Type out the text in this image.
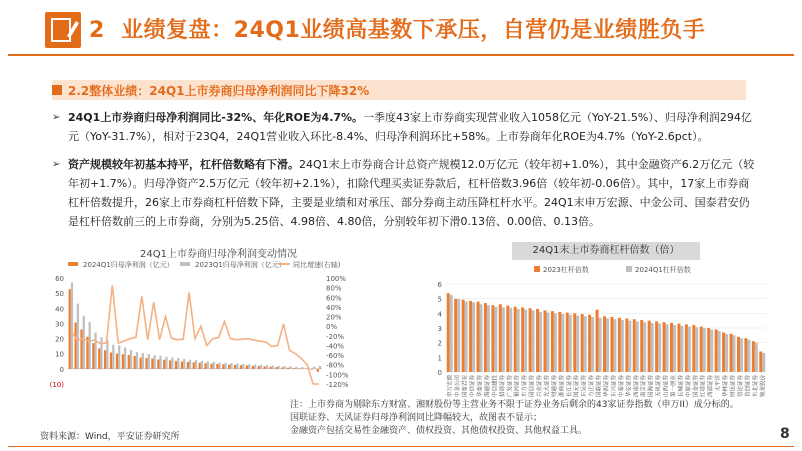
2 业绩复盘：24Q1业绩高基数下承压，自营仍是业绩胜负手
2.2整体业绩：24Q1上市券商归母净利润同比下降32%
➢ 24Q1上市券商归母净利润同比-32%、年化ROE为4.7%。一季度43家上市券商实现营业收入1058亿元（YoY-21.5%）、归母净利润294亿元（YoY-31.7%），相对于23Q4，24Q1营业收入环比-8.4%、归母净利润环比+58%。上市券商年化ROE为4.7%（YoY-2.6pct）。
➢ 资产规模较年初基本持平，杠杆倍数略有下滑。24Q1末上市券商合计总资产规模12.0万亿元（较年初+1.0%），其中金融资产6.2万亿元（较年初+1.7%）。归母净资产2.5万亿元（较年初+2.1%），扣除代理买卖证券款后，杠杆倍数3.96倍（较年初-0.06倍）。其中，17家上市券商杠杆倍数提升，26家上市券商杠杆倍数下降，主要是业绩和对承压、部分券商主动压降杠杆水平。24Q1末申万宏源、中金公司、国泰君安仍是杠杆倍数前三的上市券商，分别为5.25倍、4.98倍、4.80倍，分别较年初下滑0.13倍、0.00倍、0.13倍。
24Q1上市券商归母净利润变动情况	24Q1末上市券商杠杆倍数（倍）
2024Q1归母净利润（亿元）	2023Q1归母净利润（亿元） 同比增速(右轴)
60
50
40
30
20
10
0
(10)
100%
80%
60%
40%
20%
0%
-20%
-40%
-60%
-80%
-100%
-120%
2023杠杆倍数	2024Q1杠杆倍数
6
5
4
3
2
1
0
申万宏源 中金公司 国泰君安 中信证券 华泰证券 海通证券 中信建投 招商证券 广发证券 银河证券 东方证券 国信证券 兴业证券 光大证券 财通证券 浙商证券 长江证券 国元证券 东吴证券 方正证券 国联证券 华西证券 东兴证券 中泰证券 华安证券 西南证券 南京证券 国海证券 天风证券 山西证券 第一创业 长城证券 中原证券 国金证券 红塔证券 西部证券 太平洋 华林证券 财达证券 信达证券 首创证券 东北证券 锦龙股份
注：上市券商为剔除东方财富、湘财股份等主营业务不限于证券业务后剩余的43家证券指数（申万II）成分标的。
国联证券、天风证券归母净利润同比降幅较大，故图表不显示；
金融资产包括交易性金融资产、债权投资、其他债权投资、其他权益工具。
资料来源：Wind，平安证券研究所	8
